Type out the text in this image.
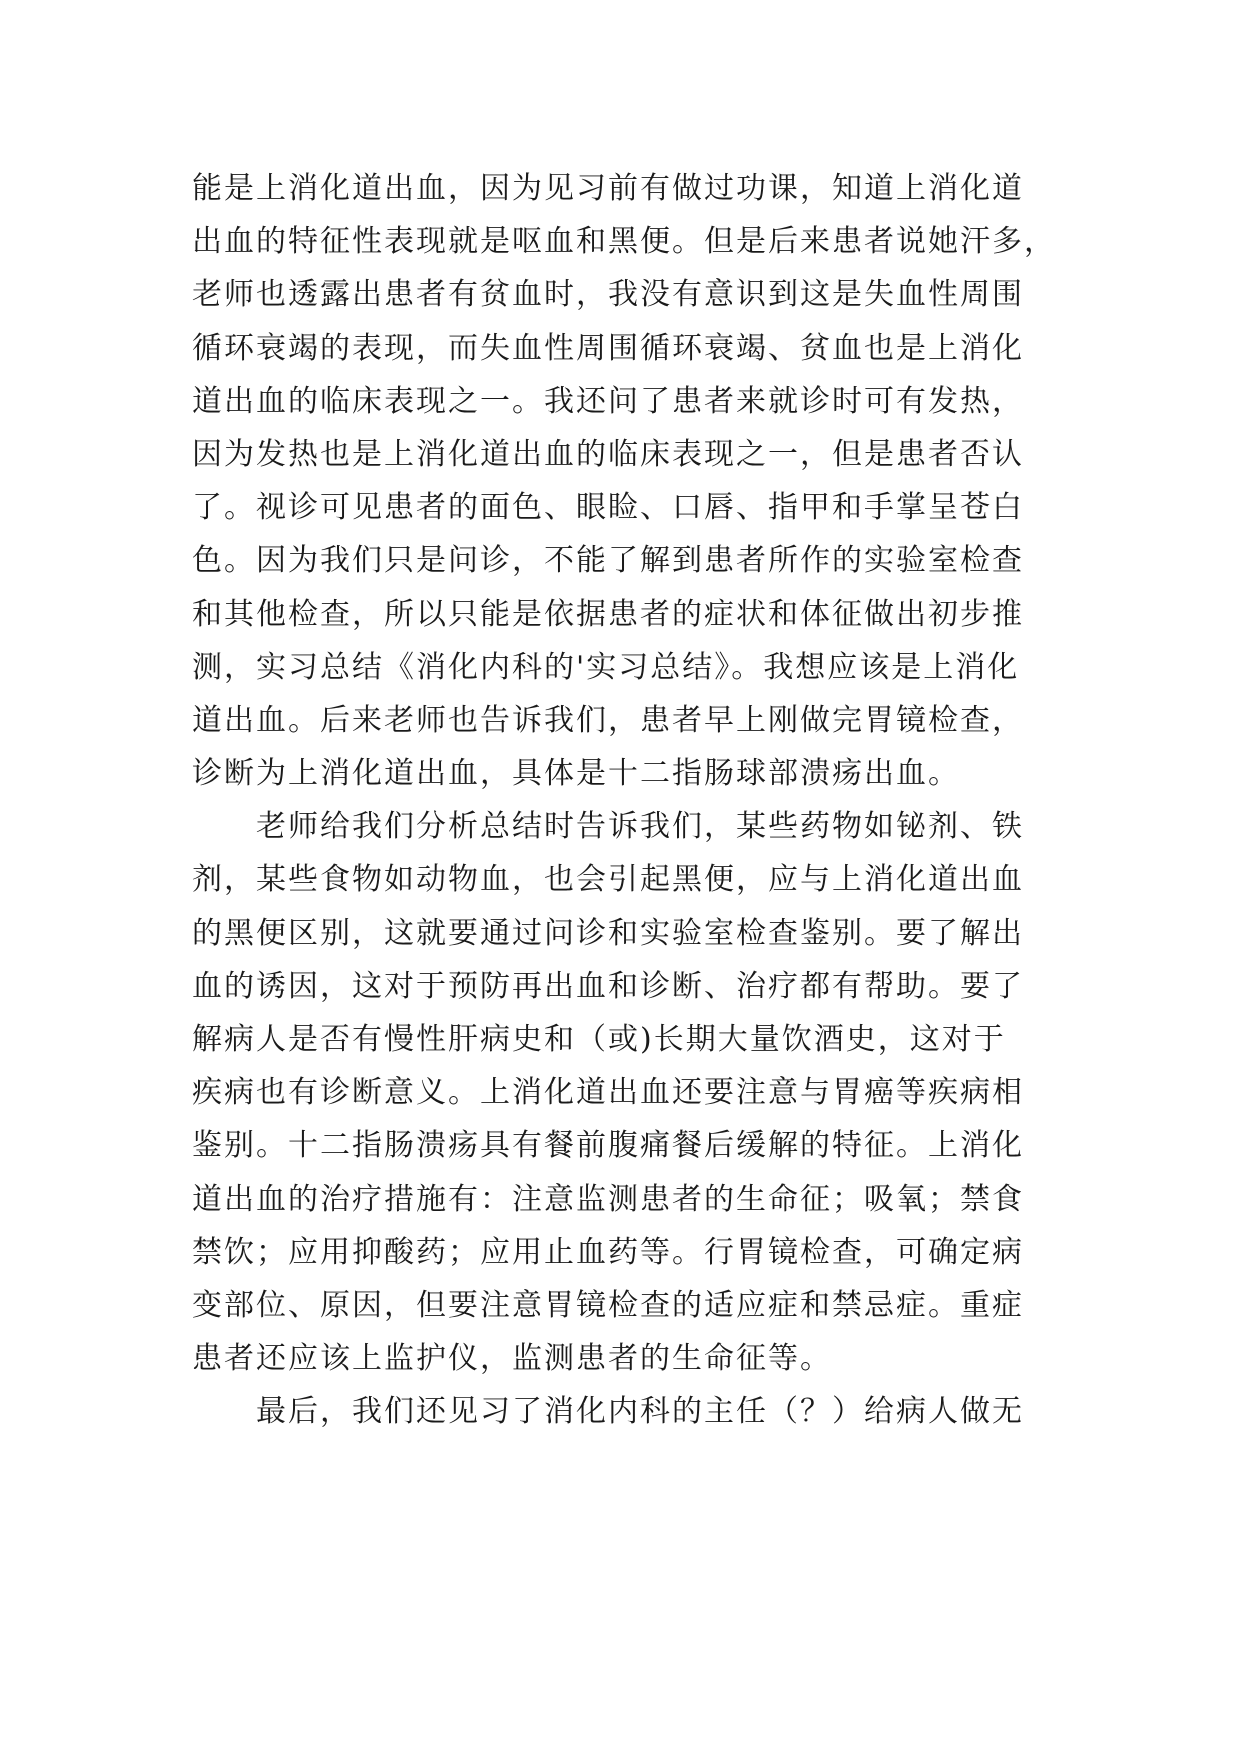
能是上消化道出血，因为见习前有做过功课，知道上消化道
出血的特征性表现就是呕血和黑便。但是后来患者说她汗多，
老师也透露出患者有贫血时，我没有意识到这是失血性周围
循环衰竭的表现，而失血性周围循环衰竭、贫血也是上消化
道出血的临床表现之一。我还问了患者来就诊时可有发热，
因为发热也是上消化道出血的临床表现之一，但是患者否认
了。视诊可见患者的面色、眼睑、口唇、指甲和手掌呈苍白
色。因为我们只是问诊，不能了解到患者所作的实验室检查
和其他检查，所以只能是依据患者的症状和体征做出初步推
测，实习总结《消化内科的'实习总结》。我想应该是上消化
道出血。后来老师也告诉我们，患者早上刚做完胃镜检查，
诊断为上消化道出血，具体是十二指肠球部溃疡出血。
　　老师给我们分析总结时告诉我们，某些药物如铋剂、铁
剂，某些食物如动物血，也会引起黑便，应与上消化道出血
的黑便区别，这就要通过问诊和实验室检查鉴别。要了解出
血的诱因，这对于预防再出血和诊断、治疗都有帮助。要了
解病人是否有慢性肝病史和（或)长期大量饮酒史，这对于
疾病也有诊断意义。上消化道出血还要注意与胃癌等疾病相
鉴别。十二指肠溃疡具有餐前腹痛餐后缓解的特征。上消化
道出血的治疗措施有：注意监测患者的生命征；吸氧；禁食
禁饮；应用抑酸药；应用止血药等。行胃镜检查，可确定病
变部位、原因，但要注意胃镜检查的适应症和禁忌症。重症
患者还应该上监护仪，监测患者的生命征等。
　　最后，我们还见习了消化内科的主任（？）给病人做无
